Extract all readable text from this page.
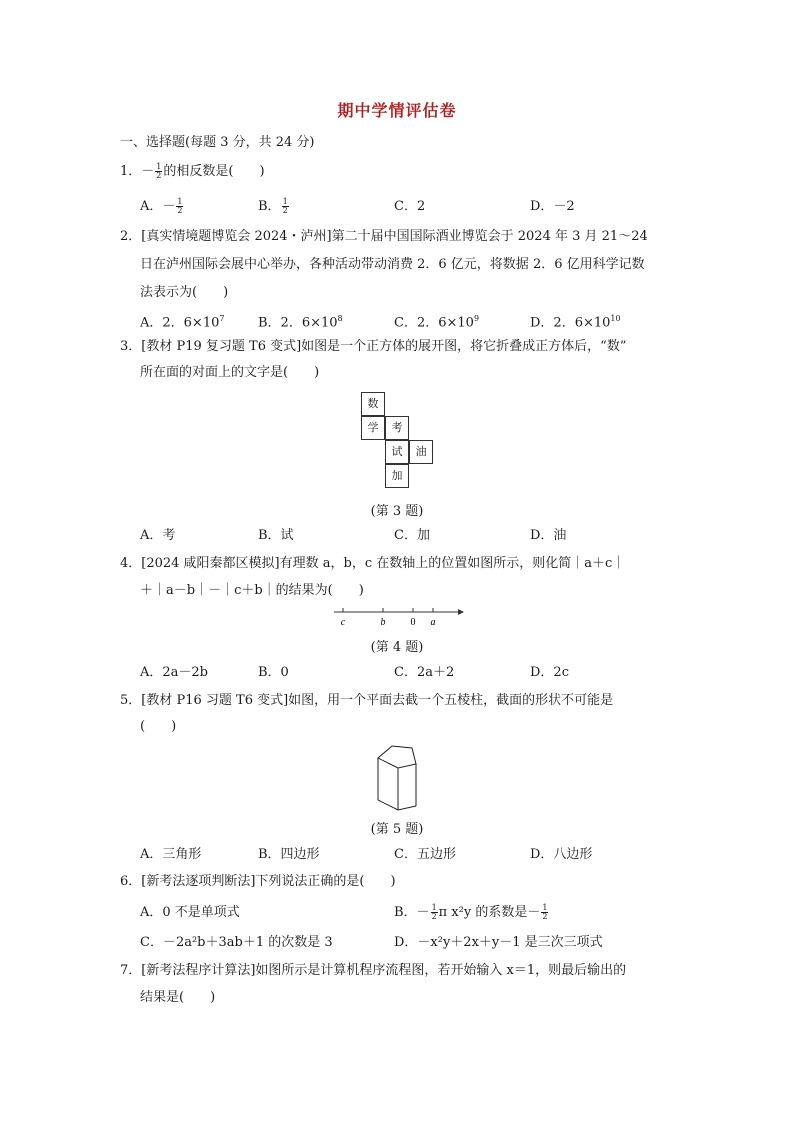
期中学情评估卷
一、选择题(每题 3 分，共 24 分)
1．－ $\frac{1}{2}$ 的相反数是(　　)
A．－ $\frac{1}{2}$	B． $\frac{1}{2}$	C．2	D．－2
2．[真实情境题博览会 2024・泸州]第二十届中国国际酒业博览会于 2024 年 3 月 21～24
日在泸州国际会展中心举办，各种活动带动消费 2．6 亿元，将数据 2．6 亿用科学记数
法表示为(　　)
A．2．$6\times 10^7$	B．2．$6\times 10^8$	C．2．$6\times 10^9$	D．2．$6\times 10^{10}$
3．[教材 P19 复习题 T6 变式]如图是一个正方体的展开图，将它折叠成正方体后，“数”
所在面的对面上的文字是(　　)
数
学	考
试	油
加
(第 3 题)
A．考	B．试	C．加	D．油
4．[2024 咸阳秦都区模拟]有理数 a，b，c 在数轴上的位置如图所示，则化简｜a＋c｜
＋｜a－b｜－｜c＋b｜的结果为(　　)
c	b	0 a
(第 4 题)
A．2a－2b	B．0	C．2a＋2	D．2c
5．[教材 P16 习题 T6 变式]如图，用一个平面去截一个五棱柱，截面的形状不可能是
(　　)
(第 5 题)
A．三角形	B．四边形	C．五边形	D．八边形
6．[新考法逐项判断法]下列说法正确的是(　　)
A．0 不是单项式	B．－ $\frac{1}{2}$ π x²y 的系数是－ $\frac{1}{2}$
C．－2a²b＋3ab＋1 的次数是 3	D．－x²y＋2x＋y－1 是三次三项式
7．[新考法程序计算法]如图所示是计算机程序流程图，若开始输入 x＝1，则最后输出的
结果是(　　)
